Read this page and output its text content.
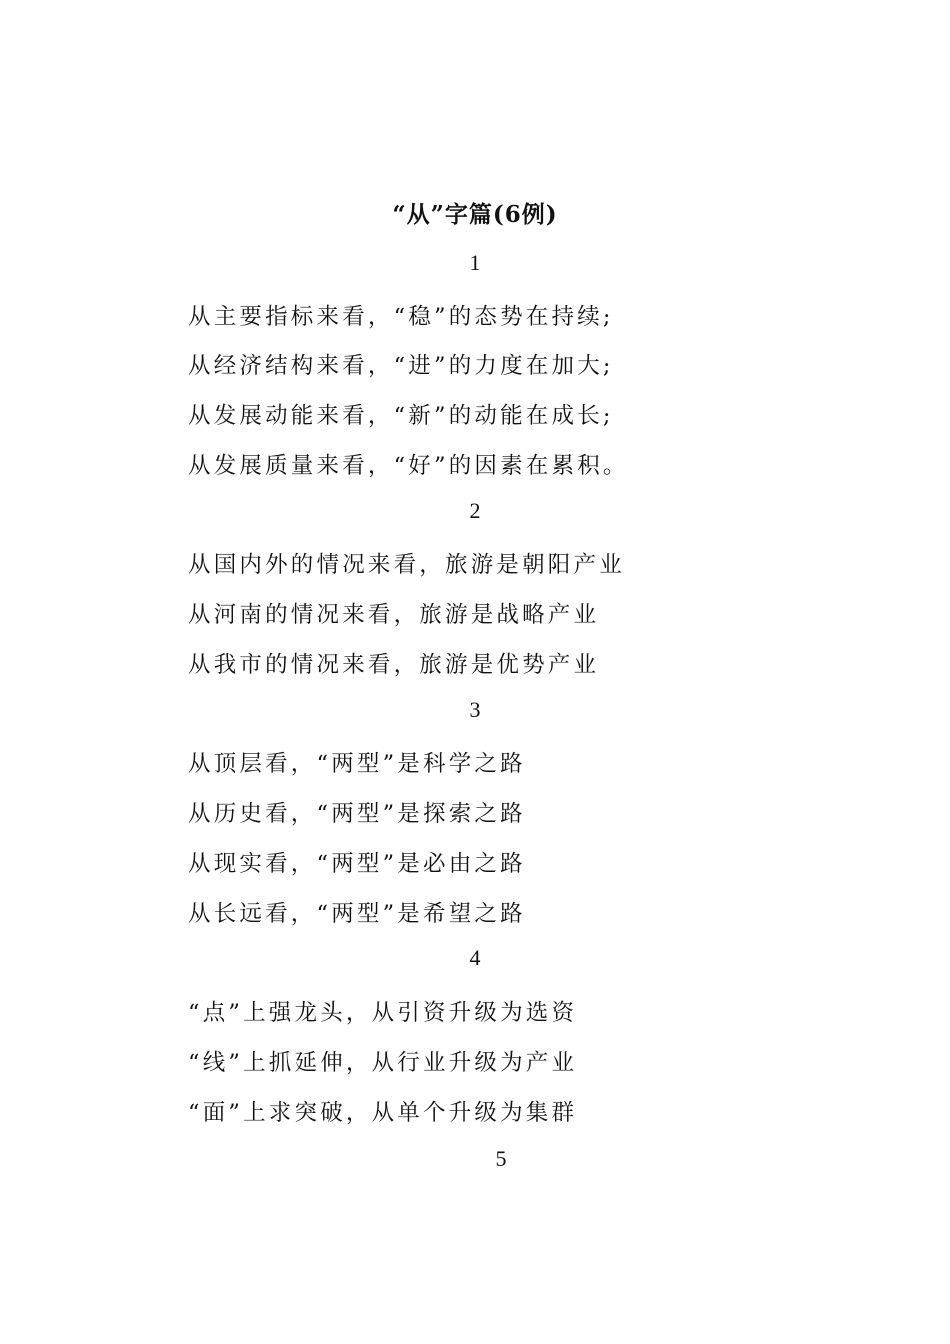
“从”字篇(6例)
1
从主要指标来看，“稳”的态势在持续;
从经济结构来看，“进”的力度在加大;
从发展动能来看，“新”的动能在成长;
从发展质量来看，“好”的因素在累积。
2
从国内外的情况来看，旅游是朝阳产业
从河南的情况来看，旅游是战略产业
从我市的情况来看，旅游是优势产业
3
从顶层看，“两型”是科学之路
从历史看，“两型”是探索之路
从现实看，“两型”是必由之路
从长远看，“两型”是希望之路
4
“点”上强龙头，从引资升级为选资
“线”上抓延伸，从行业升级为产业
“面”上求突破，从单个升级为集群
5
